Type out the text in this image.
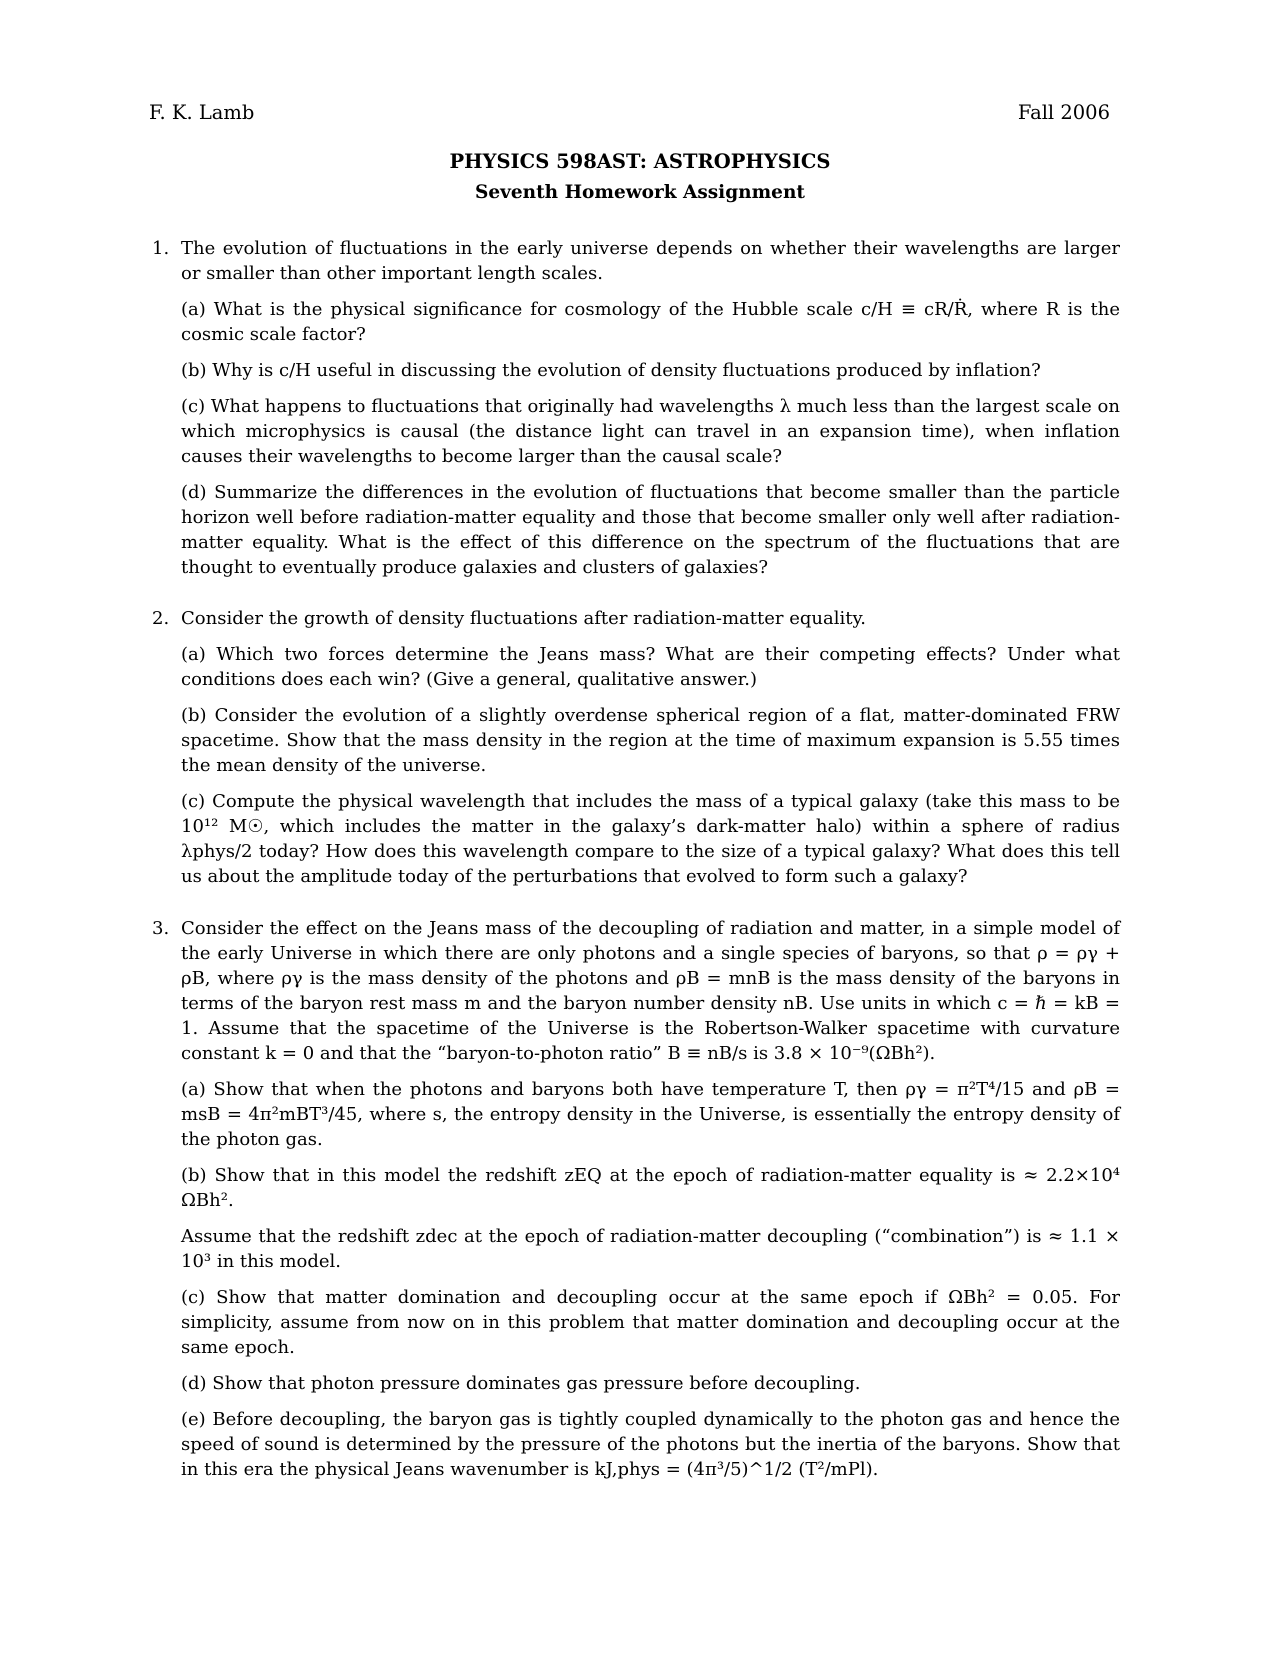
F. K. Lamb	Fall 2006
PHYSICS 598AST: ASTROPHYSICS
Seventh Homework Assignment
1. The evolution of fluctuations in the early universe depends on whether their wavelengths are larger or smaller than other important length scales.

(a) What is the physical significance for cosmology of the Hubble scale c/H ≡ cR/Ṙ, where R is the cosmic scale factor?

(b) Why is c/H useful in discussing the evolution of density fluctuations produced by inflation?

(c) What happens to fluctuations that originally had wavelengths λ much less than the largest scale on which microphysics is causal (the distance light can travel in an expansion time), when inflation causes their wavelengths to become larger than the causal scale?

(d) Summarize the differences in the evolution of fluctuations that become smaller than the particle horizon well before radiation-matter equality and those that become smaller only well after radiation-matter equality. What is the effect of this difference on the spectrum of the fluctuations that are thought to eventually produce galaxies and clusters of galaxies?

2. Consider the growth of density fluctuations after radiation-matter equality.

(a) Which two forces determine the Jeans mass? What are their competing effects? Under what conditions does each win? (Give a general, qualitative answer.)

(b) Consider the evolution of a slightly overdense spherical region of a flat, matter-dominated FRW spacetime. Show that the mass density in the region at the time of maximum expansion is 5.55 times the mean density of the universe.

(c) Compute the physical wavelength that includes the mass of a typical galaxy (take this mass to be 10¹² M☉, which includes the matter in the galaxy’s dark-matter halo) within a sphere of radius λphys/2 today? How does this wavelength compare to the size of a typical galaxy? What does this tell us about the amplitude today of the perturbations that evolved to form such a galaxy?

3. Consider the effect on the Jeans mass of the decoupling of radiation and matter, in a simple model of the early Universe in which there are only photons and a single species of baryons, so that ρ = ργ + ρB, where ργ is the mass density of the photons and ρB = mnB is the mass density of the baryons in terms of the baryon rest mass m and the baryon number density nB. Use units in which c = ℏ = kB = 1. Assume that the spacetime of the Universe is the Robertson-Walker spacetime with curvature constant k = 0 and that the “baryon-to-photon ratio” B ≡ nB/s is 3.8 × 10⁻⁹(ΩBh²).

(a) Show that when the photons and baryons both have temperature T, then ργ = π²T⁴/15 and ρB = msB = 4π²mBT³/45, where s, the entropy density in the Universe, is essentially the entropy density of the photon gas.

(b) Show that in this model the redshift zEQ at the epoch of radiation-matter equality is ≈ 2.2×10⁴ ΩBh².

Assume that the redshift zdec at the epoch of radiation-matter decoupling (“combination”) is ≈ 1.1 × 10³ in this model.

(c) Show that matter domination and decoupling occur at the same epoch if ΩBh² = 0.05. For simplicity, assume from now on in this problem that matter domination and decoupling occur at the same epoch.

(d) Show that photon pressure dominates gas pressure before decoupling.

(e) Before decoupling, the baryon gas is tightly coupled dynamically to the photon gas and hence the speed of sound is determined by the pressure of the photons but the inertia of the baryons. Show that in this era the physical Jeans wavenumber is kJ,phys = (4π³/5)^1/2 (T²/mPl).
